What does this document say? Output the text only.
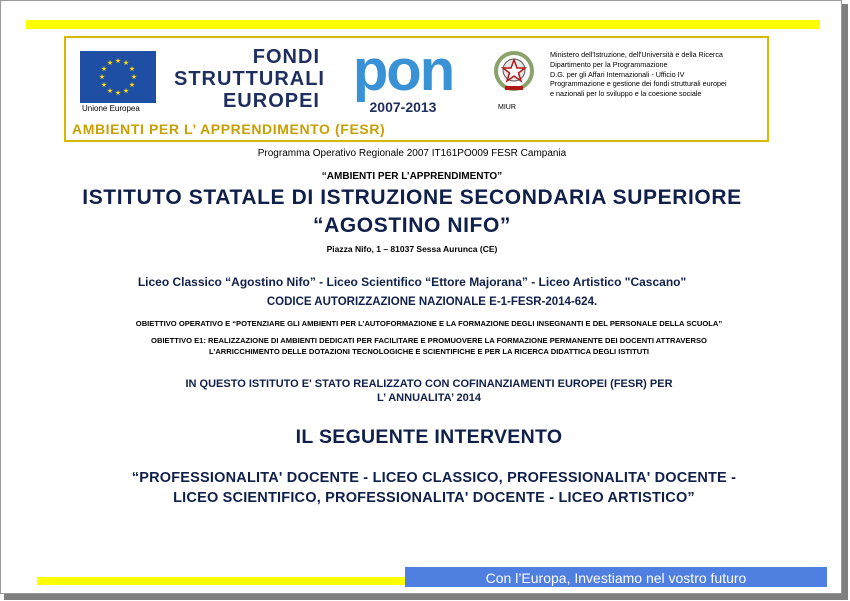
★ ★
★
★
★
★
★
★
★
★
★
★
Unione Europea
FONDI
STRUTTURALI
EUROPEI pon
2007-2013	MIUR
Ministero dell'Istruzione, dell'Università e della Ricerca
Dipartimento per la Programmazione
D.G. per gli Affari Internazionali - Ufficio IV
Programmazione e gestione dei fondi strutturali europei
e nazionali per lo sviluppo e la coesione sociale
AMBIENTI PER L’ APPRENDIMENTO (FESR)
Programma Operativo Regionale 2007 IT161PO009 FESR Campania
“AMBIENTI PER L’APPRENDIMENTO”
ISTITUTO STATALE DI ISTRUZIONE SECONDARIA SUPERIORE
“AGOSTINO NIFO”
Piazza Nifo, 1 – 81037 Sessa Aurunca (CE)
Liceo Classico “Agostino Nifo” - Liceo Scientifico “Ettore Majorana” - Liceo Artistico "Cascano"
CODICE AUTORIZZAZIONE NAZIONALE E-1-FESR-2014-624.
OBIETTIVO OPERATIVO E “POTENZIARE GLI AMBIENTI PER L’AUTOFORMAZIONE E LA FORMAZIONE DEGLI INSEGNANTI E DEL PERSONALE DELLA SCUOLA”
OBIETTIVO E1: REALIZZAZIONE DI AMBIENTI DEDICATI PER FACILITARE E PROMUOVERE LA FORMAZIONE PERMANENTE DEI DOCENTI ATTRAVERSO
L’ARRICCHIMENTO DELLE DOTAZIONI TECNOLOGICHE E SCIENTIFICHE E PER LA RICERCA DIDATTICA DEGLI ISTITUTI
IN QUESTO ISTITUTO E' STATO REALIZZATO CON COFINANZIAMENTI EUROPEI (FESR) PER
L’ ANNUALITA’ 2014
IL SEGUENTE INTERVENTO
“PROFESSIONALITA' DOCENTE - LICEO CLASSICO, PROFESSIONALITA' DOCENTE -
LICEO SCIENTIFICO, PROFESSIONALITA' DOCENTE - LICEO ARTISTICO”
Con l’Europa, Investiamo nel vostro futuro
